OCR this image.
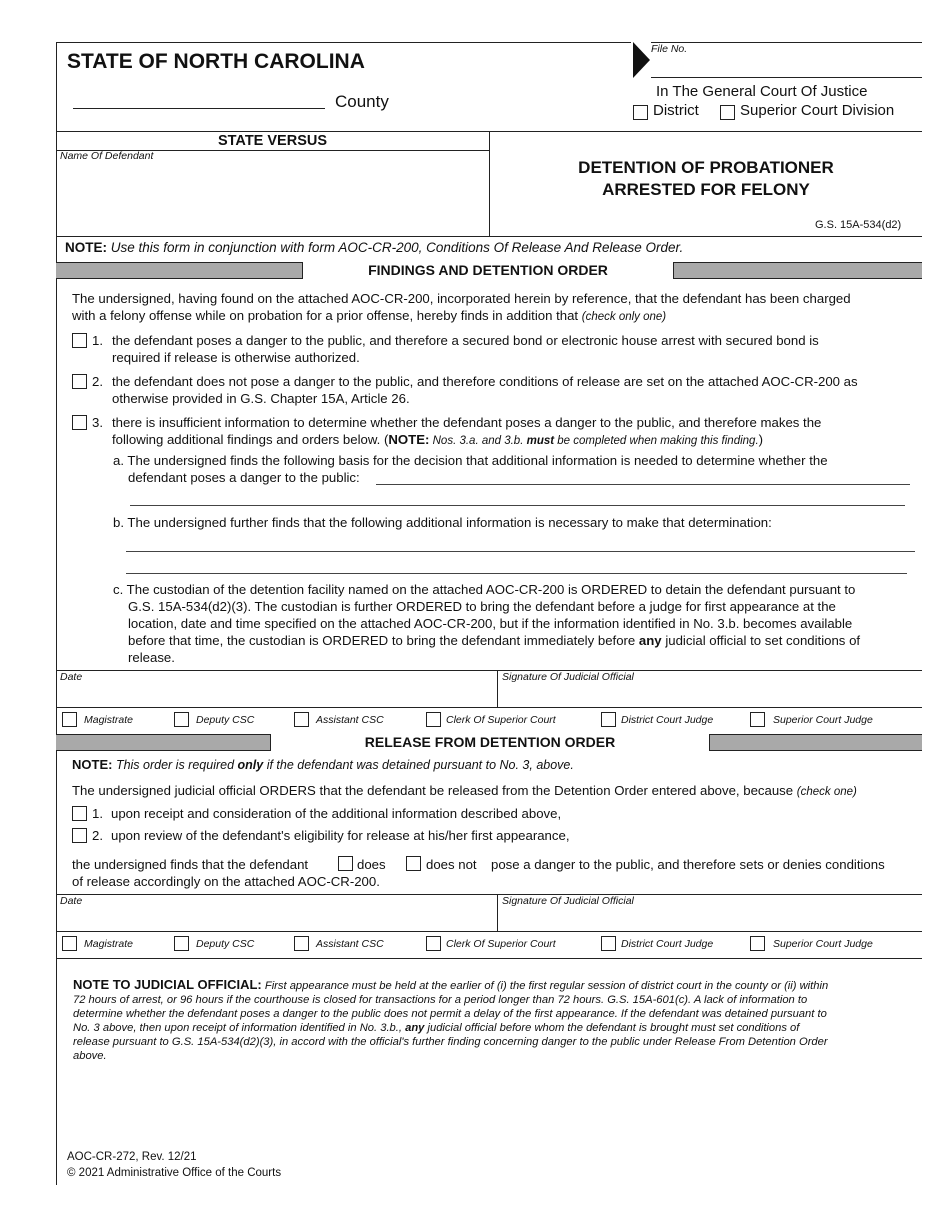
STATE OF NORTH CAROLINA
County
File No.
In The General Court Of Justice
District	Superior Court Division
STATE VERSUS
Name Of Defendant
DETENTION OF PROBATIONER
ARRESTED FOR FELONY
G.S. 15A-534(d2)
NOTE: Use this form in conjunction with form AOC-CR-200, Conditions Of Release And Release Order.
FINDINGS AND DETENTION ORDER
The undersigned, having found on the attached AOC-CR-200, incorporated herein by reference, that the defendant has been charged
with a felony offense while on probation for a prior offense, hereby finds in addition that (check only one)
1. the defendant poses a danger to the public, and therefore a secured bond or electronic house arrest with secured bond is
required if release is otherwise authorized.
2. the defendant does not pose a danger to the public, and therefore conditions of release are set on the attached AOC-CR-200 as
otherwise provided in G.S. Chapter 15A, Article 26.
3. there is insufficient information to determine whether the defendant poses a danger to the public, and therefore makes the
following additional findings and orders below. (NOTE: Nos. 3.a. and 3.b. must be completed when making this finding.)
a. The undersigned finds the following basis for the decision that additional information is needed to determine whether the
defendant poses a danger to the public:
b. The undersigned further finds that the following additional information is necessary to make that determination:
c. The custodian of the detention facility named on the attached AOC-CR-200 is ORDERED to detain the defendant pursuant to
G.S. 15A-534(d2)(3). The custodian is further ORDERED to bring the defendant before a judge for first appearance at the
location, date and time specified on the attached AOC-CR-200, but if the information identified in No. 3.b. becomes available
before that time, the custodian is ORDERED to bring the defendant immediately before any judicial official to set conditions of
release.
Date	Signature Of Judicial Official
Magistrate	Deputy CSC	Assistant CSC	Clerk Of Superior Court	District Court Judge	Superior Court Judge
RELEASE FROM DETENTION ORDER
NOTE: This order is required only if the defendant was detained pursuant to No. 3, above.
The undersigned judicial official ORDERS that the defendant be released from the Detention Order entered above, because (check one)
1. upon receipt and consideration of the additional information described above,
2. upon review of the defendant's eligibility for release at his/her first appearance,
the undersigned finds that the defendant	does	does not pose a danger to the public, and therefore sets or denies conditions
of release accordingly on the attached AOC-CR-200.
Date	Signature Of Judicial Official
Magistrate	Deputy CSC	Assistant CSC	Clerk Of Superior Court	District Court Judge	Superior Court Judge
NOTE TO JUDICIAL OFFICIAL: First appearance must be held at the earlier of (i) the first regular session of district court in the county or (ii) within
72 hours of arrest, or 96 hours if the courthouse is closed for transactions for a period longer than 72 hours. G.S. 15A-601(c). A lack of information to
determine whether the defendant poses a danger to the public does not permit a delay of the first appearance. If the defendant was detained pursuant to
No. 3 above, then upon receipt of information identified in No. 3.b., any judicial official before whom the defendant is brought must set conditions of
release pursuant to G.S. 15A-534(d2)(3), in accord with the official's further finding concerning danger to the public under Release From Detention Order
above.
AOC-CR-272, Rev. 12/21
© 2021 Administrative Office of the Courts
